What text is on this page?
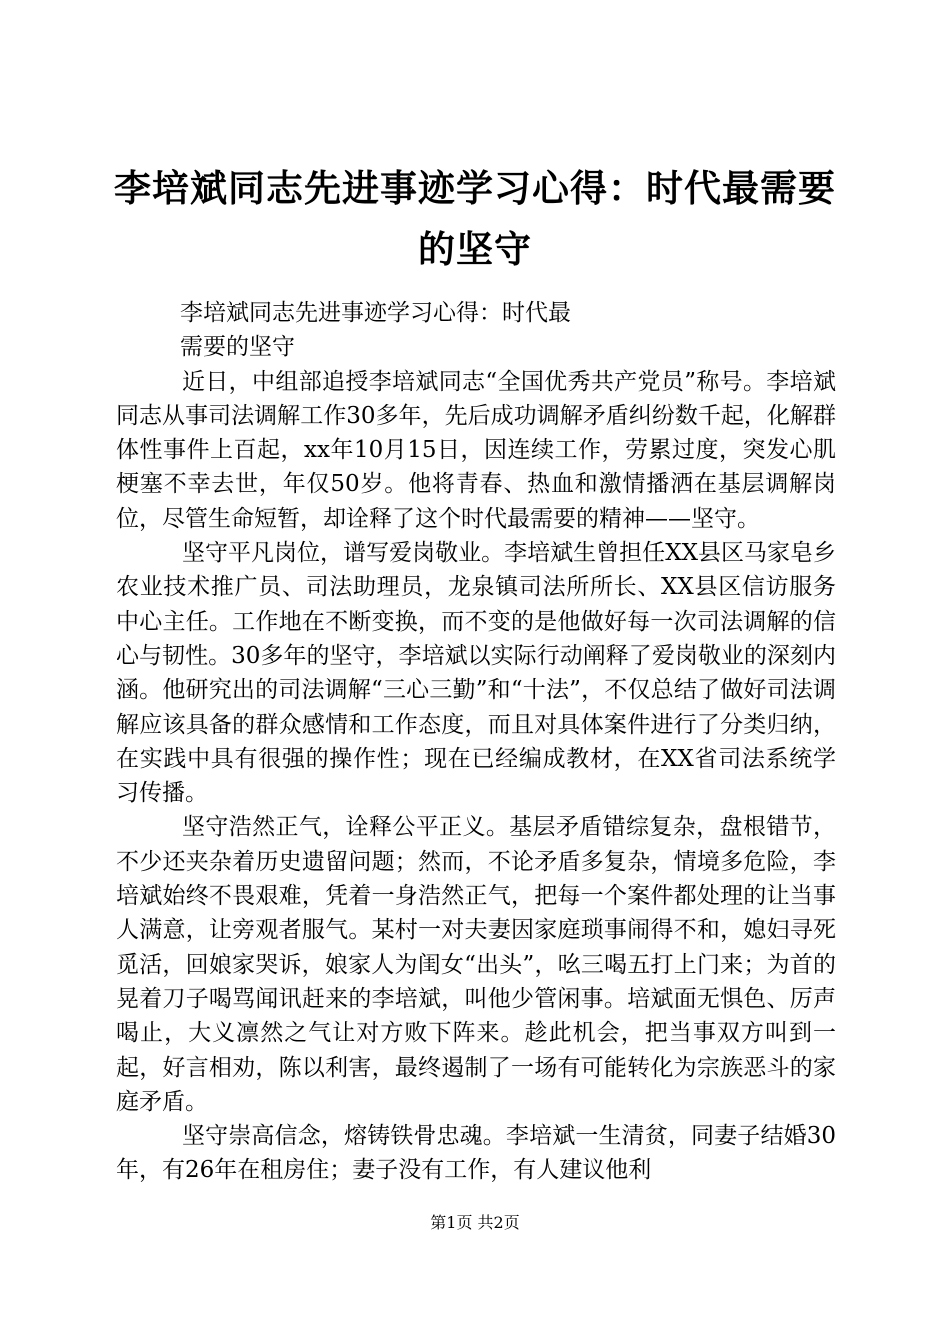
李培斌同志先进事迹学习心得：时代最需要的坚守
李培斌同志先进事迹学习心得：时代最
需要的坚守

近日，中组部追授李培斌同志“全国优秀共产党员”称号。李培斌同志从事司法调解工作30多年，先后成功调解矛盾纠纷数千起，化解群体性事件上百起，xx年10月15日，因连续工作，劳累过度，突发心肌梗塞不幸去世，年仅50岁。他将青春、热血和激情播洒在基层调解岗位，尽管生命短暂，却诠释了这个时代最需要的精神——坚守。

坚守平凡岗位，谱写爱岗敬业。李培斌生曾担任XX县区马家皂乡农业技术推广员、司法助理员，龙泉镇司法所所长、XX县区信访服务中心主任。工作地在不断变换，而不变的是他做好每一次司法调解的信心与韧性。30多年的坚守，李培斌以实际行动阐释了爱岗敬业的深刻内涵。他研究出的司法调解“三心三勤”和“十法”，不仅总结了做好司法调解应该具备的群众感情和工作态度，而且对具体案件进行了分类归纳，在实践中具有很强的操作性；现在已经编成教材，在XX省司法系统学习传播。

坚守浩然正气，诠释公平正义。基层矛盾错综复杂，盘根错节，不少还夹杂着历史遗留问题；然而，不论矛盾多复杂，情境多危险，李培斌始终不畏艰难，凭着一身浩然正气，把每一个案件都处理的让当事人满意，让旁观者服气。某村一对夫妻因家庭琐事闹得不和，媳妇寻死觅活，回娘家哭诉，娘家人为闺女“出头”，吆三喝五打上门来；为首的晃着刀子喝骂闻讯赶来的李培斌，叫他少管闲事。培斌面无惧色、厉声喝止，大义凛然之气让对方败下阵来。趁此机会，把当事双方叫到一起，好言相劝，陈以利害，最终遏制了一场有可能转化为宗族恶斗的家庭矛盾。

坚守崇高信念，熔铸铁骨忠魂。李培斌一生清贫，同妻子结婚30年，有26年在租房住；妻子没有工作，有人建议他利

第1页 共2页
